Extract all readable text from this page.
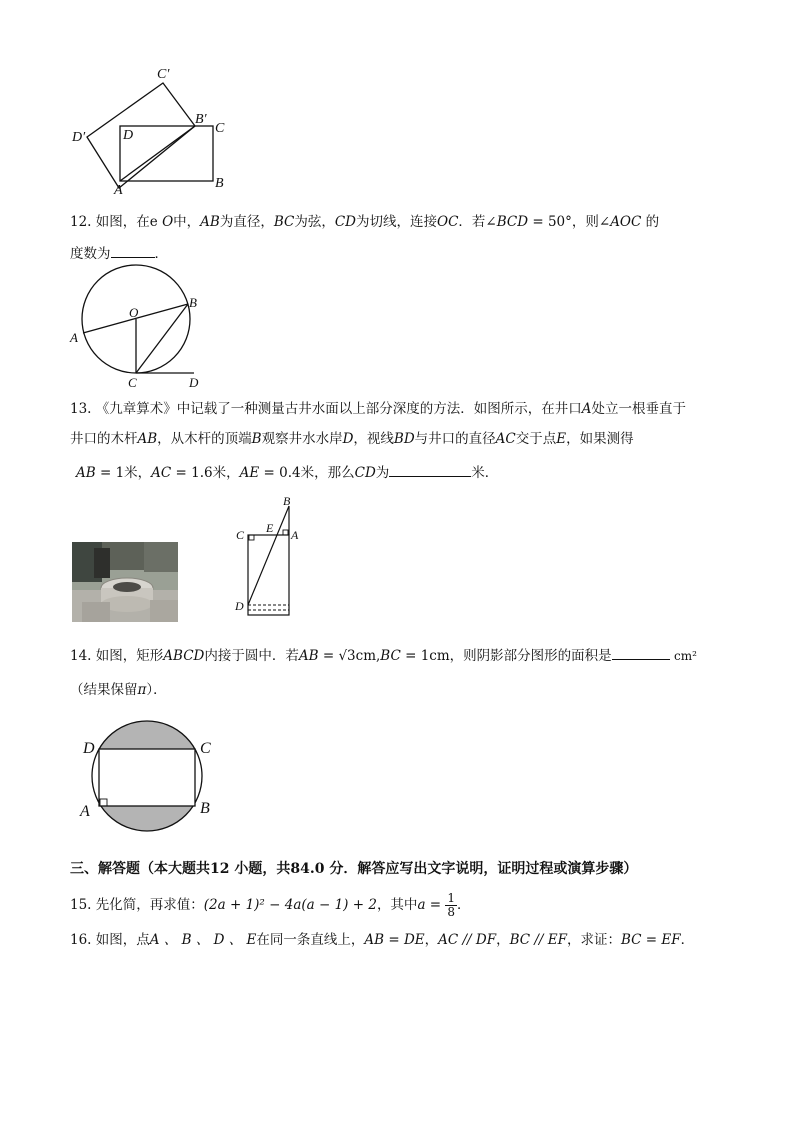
C′
B′
C
D′	D
A	B
12. 如图，在e O中，AB为直径，BC为弦，CD为切线，连接OC．若∠BCD = 50°，则∠AOC 的
度数为	．
A
O
B
C	D
13. 《九章算术》中记载了一种测量古井水面以上部分深度的方法．如图所示，在井口A处立一根垂直于
井口的木杆AB，从木杆的顶端B观察井水水岸D，视线BD与井口的直径AC交于点E，如果测得
AB = 1米，AC = 1.6米，AE = 0.4米，那么CD为	米．
B
C E A
D
14. 如图，矩形ABCD内接于圆中．若AB = √3cm,BC = 1cm，则阴影部分图形的面积是	cm²
（结果保留π）．
D	C
A	B
三、解答题（本大题共12 小题，共84.0 分．解答应写出文字说明，证明过程或演算步骤）
15. 先化简，再求值：(2a + 1)² − 4a(a − 1) + 2，其中$a = \frac{1}{8}$ ．
16. 如图，点A 、 B 、 D 、 E在同一条直线上，AB = DE，AC // DF，BC // EF，求证：BC = EF．
